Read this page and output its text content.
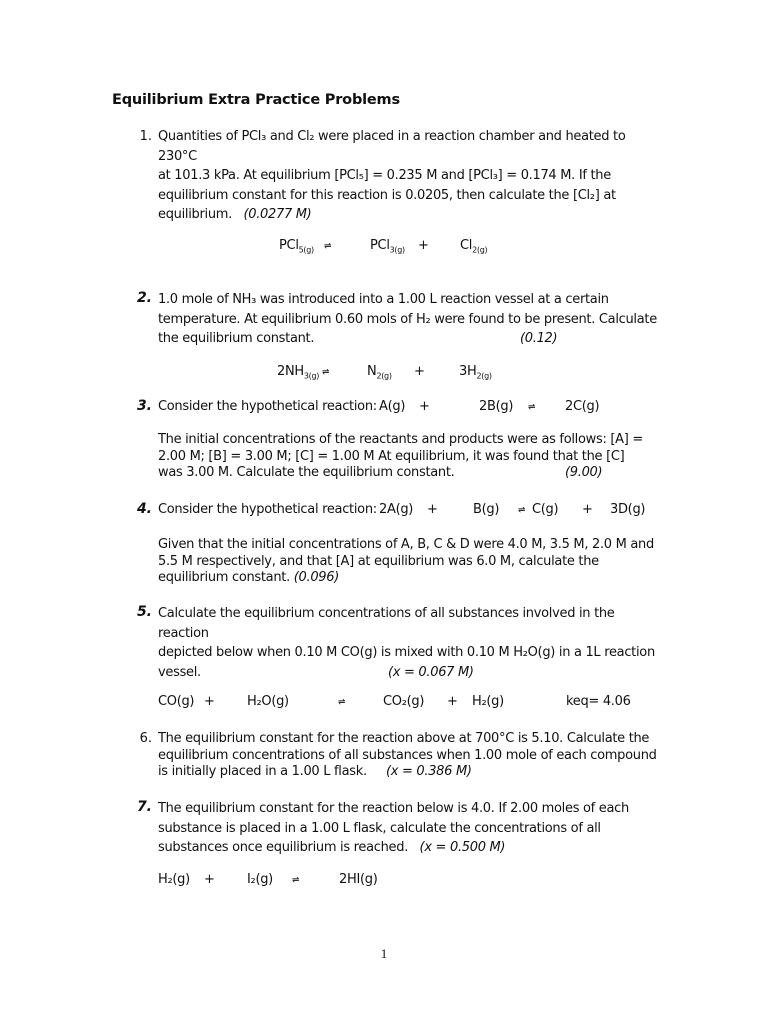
Equilibrium Extra Practice Problems
1. Quantities of PCl₃ and Cl₂ were placed in a reaction chamber and heated to 230°C
at 101.3 kPa. At equilibrium [PCl₅] = 0.235 M and [PCl₃] = 0.174 M. If the
equilibrium constant for this reaction is 0.0205, then calculate the [Cl₂] at
equilibrium. (0.0277 M)
PCl$_{5(g)}$ ⇌	$PCl_{3(g)} + Cl_{2(g)}$
2. 1.0 mole of NH₃ was introduced into a 1.00 L reaction vessel at a certain
temperature. At equilibrium 0.60 mols of H₂ were found to be present. Calculate
the equilibrium constant.	(0.12)
$2NH_{3(g)}$ ⇌	$N_{2(g)}$ +	$3H_{2(g)}$
3. Consider the hypothetical reaction: A(g) +	2B(g) ⇌ 2C(g)
The initial concentrations of the reactants and products were as follows: [A] =
2.00 M; [B] = 3.00 M; [C] = 1.00 M At equilibrium, it was found that the [C]
was 3.00 M. Calculate the equilibrium constant.	(9.00)
4. Consider the hypothetical reaction: 2A(g) +	B(g) ⇌ C(g) + 3D(g)
Given that the initial concentrations of A, B, C & D were 4.0 M, 3.5 M, 2.0 M and
5.5 M respectively, and that [A] at equilibrium was 6.0 M, calculate the
equilibrium constant. (0.096)
5. Calculate the equilibrium concentrations of all substances involved in the reaction
depicted below when 0.10 M CO(g) is mixed with 0.10 M H₂O(g) in a 1L reaction
vessel.	(x = 0.067 M)
CO(g) + H₂O(g)	⇌	CO₂(g) + H₂(g)	keq= 4.06
6. The equilibrium constant for the reaction above at 700°C is 5.10. Calculate the
equilibrium concentrations of all substances when 1.00 mole of each compound
is initially placed in a 1.00 L flask. (x = 0.386 M)
7. The equilibrium constant for the reaction below is 4.0. If 2.00 moles of each
substance is placed in a 1.00 L flask, calculate the concentrations of all
substances once equilibrium is reached. (x = 0.500 M)
H₂(g) + I₂(g) ⇌	2HI(g)
1
